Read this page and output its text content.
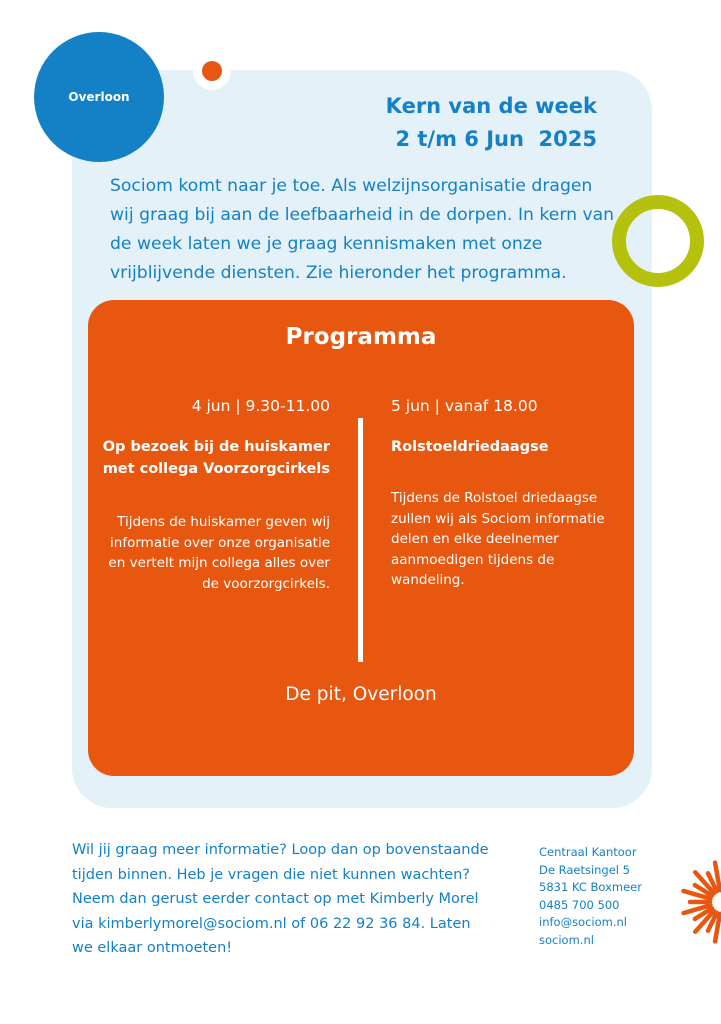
Overloon	Kern van de week
2 t/m 6 Jun  2025

Sociom komt naar je toe. Als welzijnsorganisatie dragen wij graag bij aan de leefbaarheid in de dorpen. In kern van de week laten we je graag kennismaken met onze vrijblijvende diensten. Zie hieronder het programma.

Programma
4 jun | 9.30-11.00
Op bezoek bij de huiskamer met collega Voorzorgcirkels
Tijdens de huiskamer geven wij informatie over onze organisatie en vertelt mijn collega alles over de voorzorgcirkels.
5 jun | vanaf 18.00
Rolstoeldriedaagse
Tijdens de Rolstoel driedaagse zullen wij als Sociom informatie delen en elke deelnemer aanmoedigen tijdens de wandeling.
De pit, Overloon

Wil jij graag meer informatie? Loop dan op bovenstaande tijden binnen. Heb je vragen die niet kunnen wachten? Neem dan gerust eerder contact op met Kimberly Morel via kimberlymorel@sociom.nl of 06 22 92 36 84. Laten we elkaar ontmoeten!

Centraal Kantoor
De Raetsingel 5
5831 KC Boxmeer
0485 700 500
info@sociom.nl
sociom.nl
